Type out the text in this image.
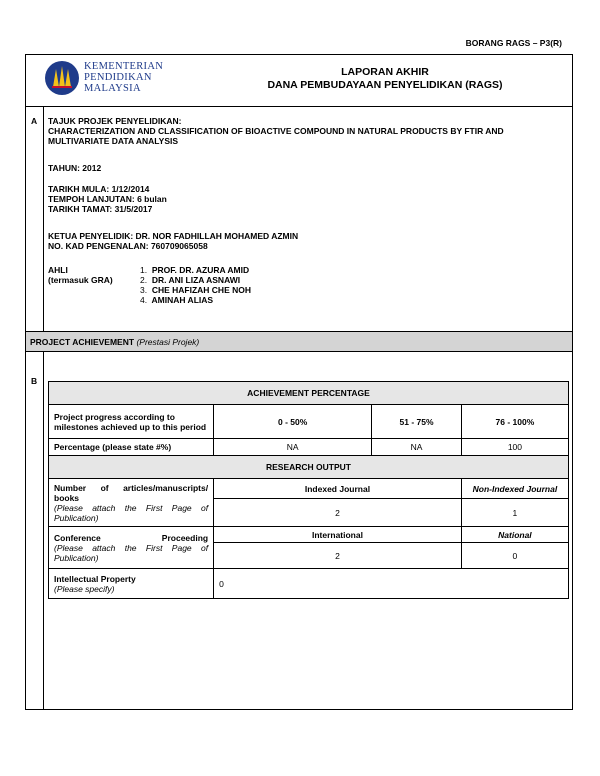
BORANG RAGS – P3(R)
KEMENTERIAN
PENDIDIKAN
MALAYSIA
LAPORAN AKHIR
DANA PEMBUDAYAAN PENYELIDIKAN (RAGS)
A TAJUK PROJEK PENYELIDIKAN:
CHARACTERIZATION AND CLASSIFICATION OF BIOACTIVE COMPOUND IN NATURAL PRODUCTS BY FTIR AND MULTIVARIATE DATA ANALYSIS
TAHUN: 2012
TARIKH MULA: 1/12/2014
TEMPOH LANJUTAN: 6 bulan
TARIKH TAMAT: 31/5/2017
KETUA PENYELIDIK: DR. NOR FADHILLAH MOHAMED AZMIN
NO. KAD PENGENALAN: 760709065058
AHLI
(termasuk GRA)
1. PROF. DR. AZURA AMID
2. DR. ANI LIZA ASNAWI
3. CHE HAFIZAH CHE NOH
4. AMINAH ALIAS
PROJECT ACHIEVEMENT (Prestasi Projek)
B
ACHIEVEMENT PERCENTAGE			
Project progress according to milestones achieved up to this period	0 - 50%	51 - 75%	76 - 100%
Percentage (please state #%)	NA	NA	100
RESEARCH OUTPUT			

Number of articles/manuscripts/ books
(Please attach the First Page of Publication)	Indexed Journal		Non-Indexed Journal
	2		1

Conference Proceeding
(Please attach the First Page of Publication)	International		National
	2		0

Intellectual Property
(Please specify)	0		
